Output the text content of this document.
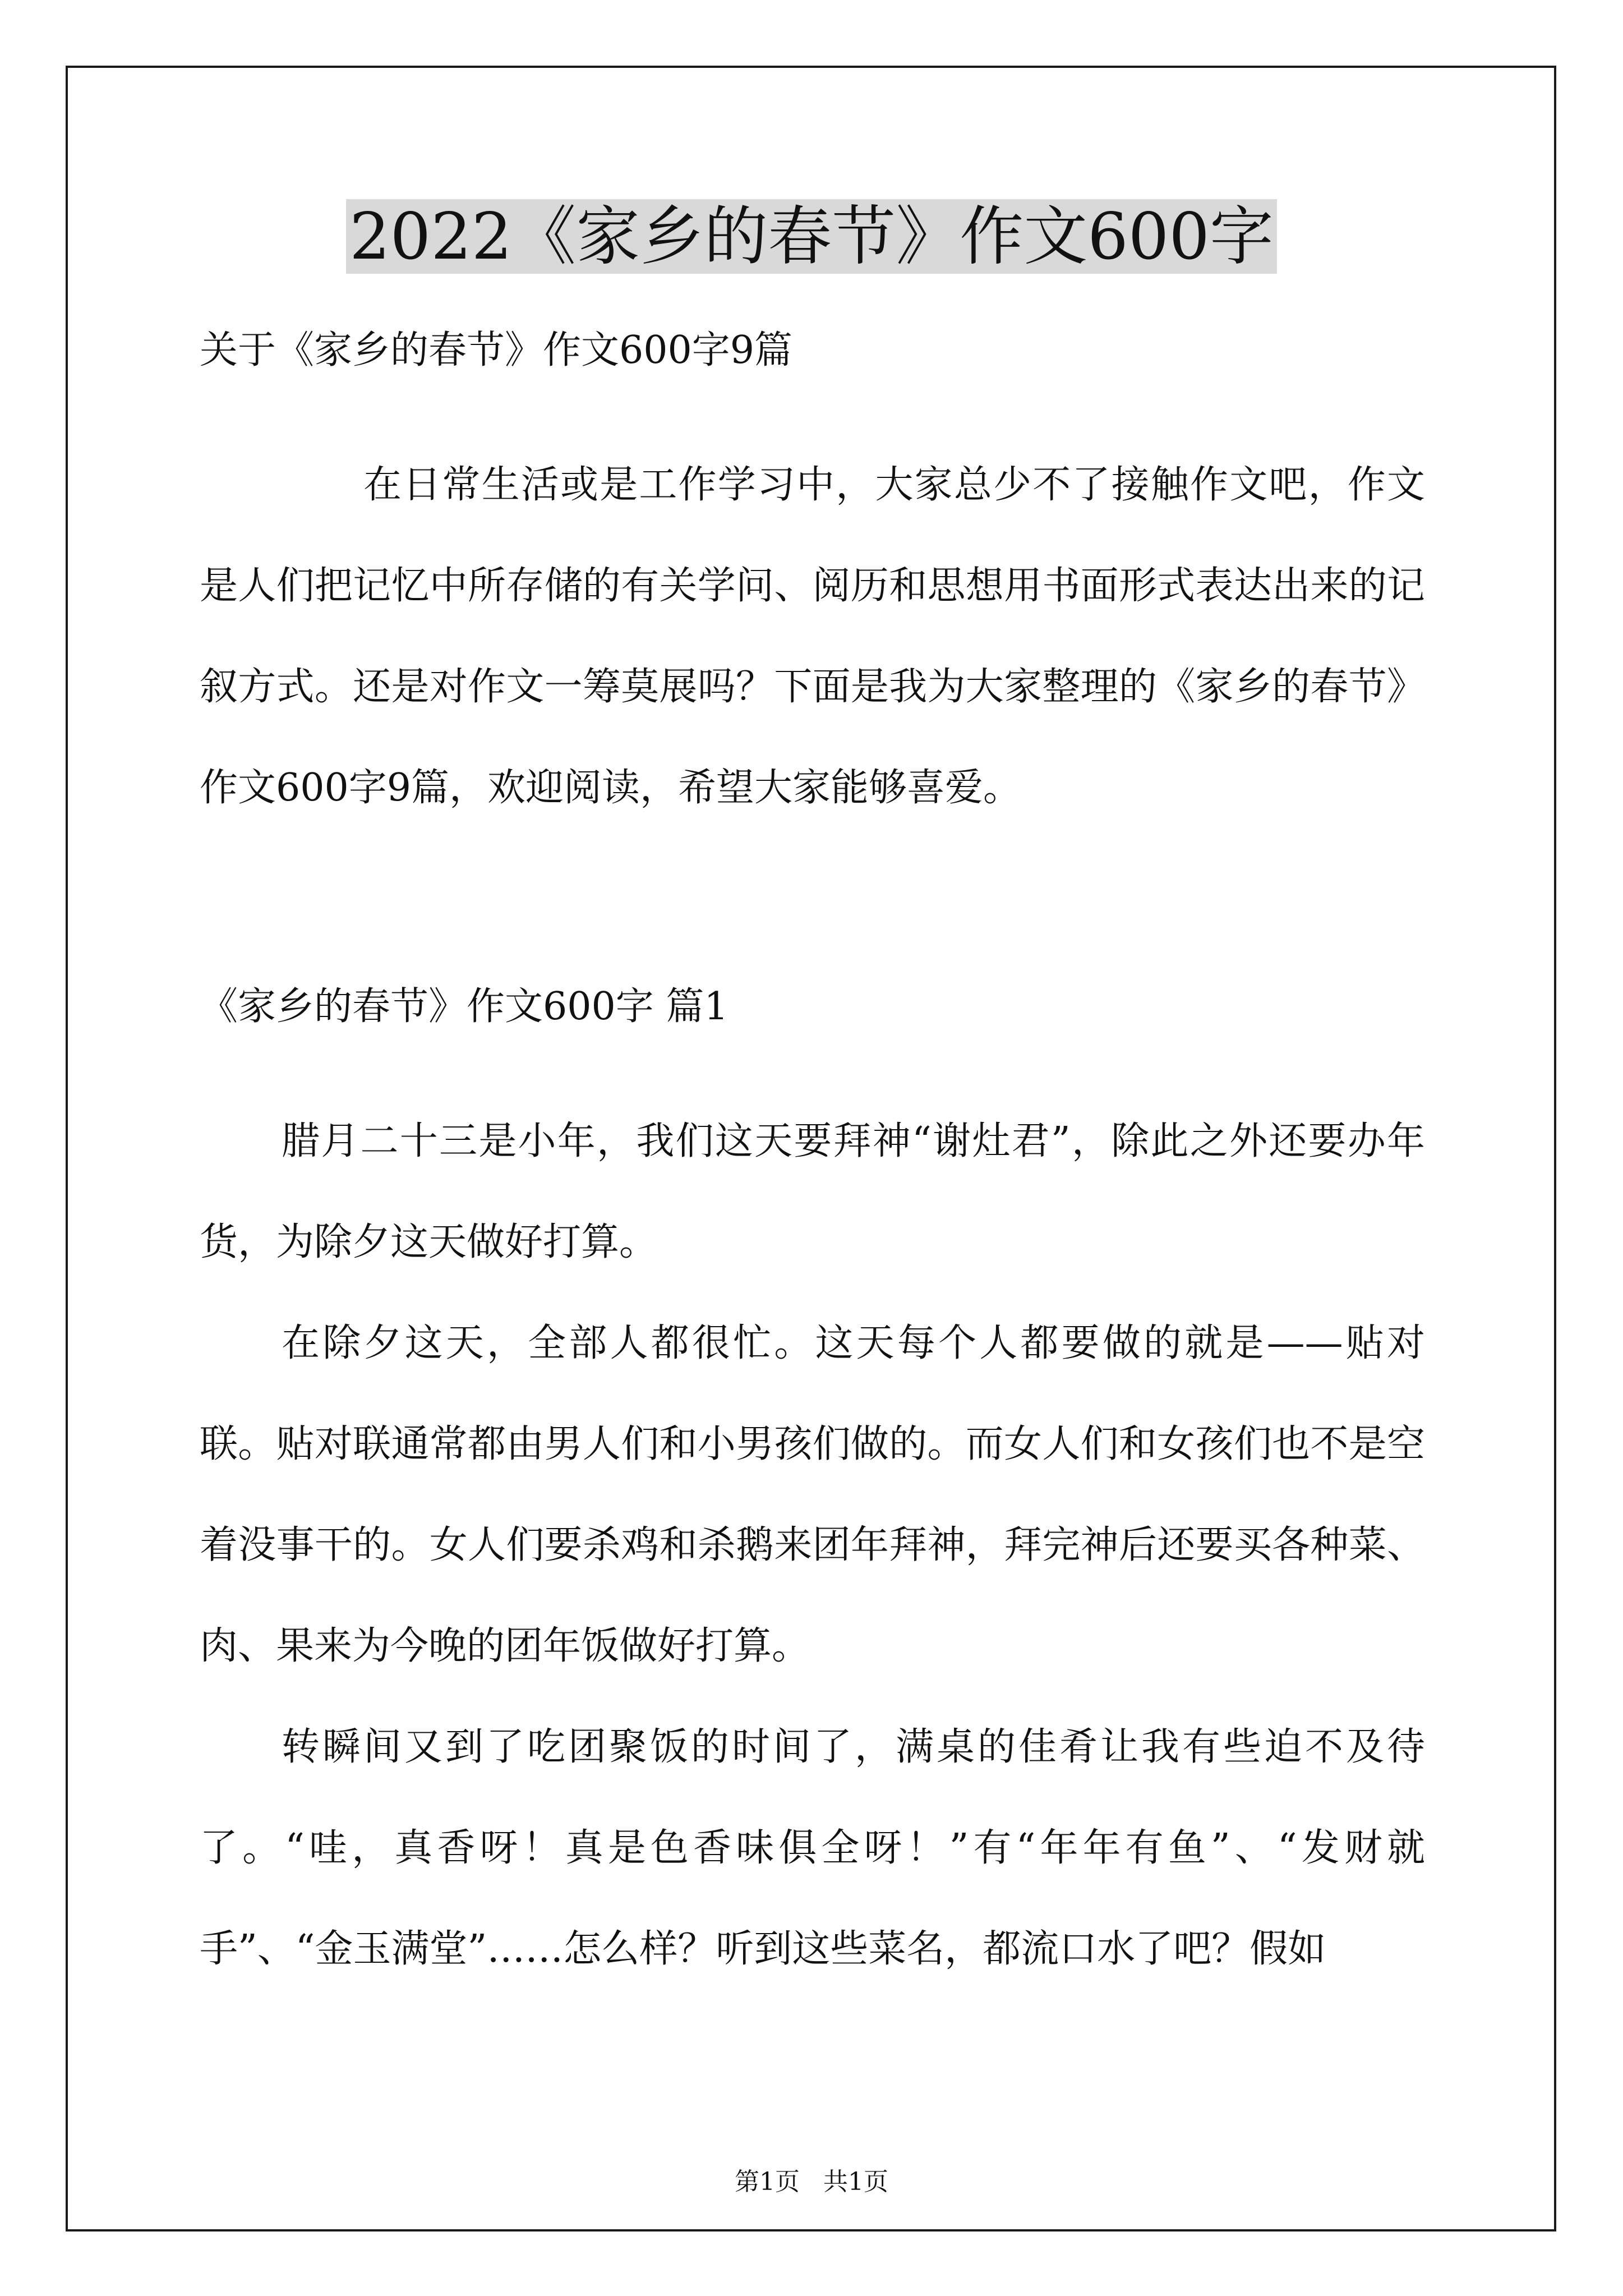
2022《家乡的春节》作文600字

关于《家乡的春节》作文600字9篇

在日常生活或是工作学习中，大家总少不了接触作文吧，作文是人们把记忆中所存储的有关学问、阅历和思想用书面形式表达出来的记叙方式。还是对作文一筹莫展吗？下面是我为大家整理的《家乡的春节》作文600字9篇，欢迎阅读，希望大家能够喜爱。

《家乡的春节》作文600字 篇1

腊月二十三是小年，我们这天要拜神“谢灶君”，除此之外还要办年货，为除夕这天做好打算。

在除夕这天，全部人都很忙。这天每个人都要做的就是——贴对联。贴对联通常都由男人们和小男孩们做的。而女人们和女孩们也不是空着没事干的。女人们要杀鸡和杀鹅来团年拜神，拜完神后还要买各种菜、肉、果来为今晚的团年饭做好打算。

转瞬间又到了吃团聚饭的时间了，满桌的佳肴让我有些迫不及待了。“哇，真香呀！真是色香味俱全呀！”有“年年有鱼”、“发财就手”、“金玉满堂”……怎么样？听到这些菜名，都流口水了吧？假如

第1页   共1页
